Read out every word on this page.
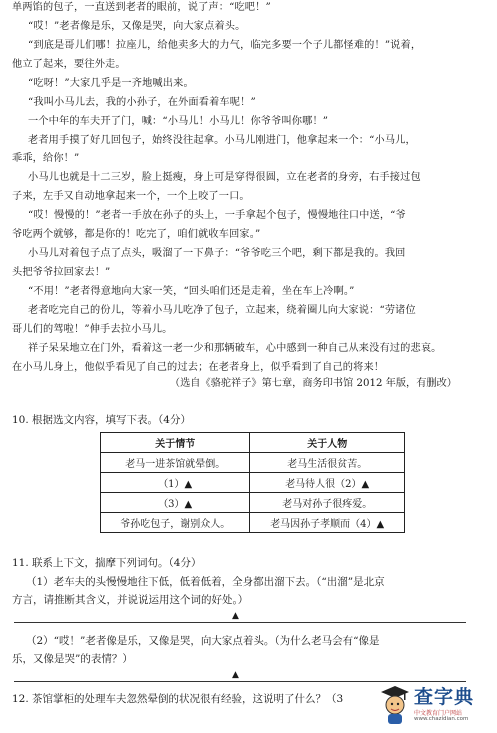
单两馅的包子，一直送到老者的眼前，说了声：“吃吧！”
“哎！”老者像是乐，又像是哭，向大家点着头。
“到底是哥儿们哪！拉座儿，给他卖多大的力气，临完多要一个子儿都怪难的！”说着，
他立了起来，要往外走。
“吃呀！”大家几乎是一齐地喊出来。
“我叫小马儿去，我的小孙子，在外面看着车呢！”
一个中年的车夫开了门，喊：“小马儿！小马儿！你爷爷叫你哪！”
老者用手摸了好几回包子，始终没往起拿。小马儿刚进门，他拿起来一个：“小马儿，
乖乖，给你！”
小马儿也就是十二三岁，脸上挺瘦，身上可是穿得很圆，立在老者的身旁，右手接过包
子来，左手又自动地拿起来一个，一个上咬了一口。
“哎！慢慢的！”老者一手放在孙子的头上，一手拿起个包子，慢慢地往口中送，“爷
爷吃两个就够，都是你的！吃完了，咱们就收车回家。”
小马儿对着包子点了点头，吸溜了一下鼻子：“爷爷吃三个吧，剩下都是我的。我回
头把爷爷拉回家去！”
“不用！”老者得意地向大家一笑，“回头咱们还是走着，坐在车上冷啊。”
老者吃完自己的份儿，等着小马儿吃净了包子，立起来，绕着圈儿向大家说：“劳诸位
哥儿们的驾啦！”伸手去拉小马儿。
祥子呆呆地立在门外，看着这一老一少和那辆破车，心中感到一种自己从来没有过的悲哀。
在小马儿身上，他似乎看见了自己的过去；在老者身上，似乎看到了自己的将来！
（选自《骆驼祥子》第七章，商务印书馆 2012 年版，有删改）
10. 根据选文内容，填写下表。（4分）
关于情节	关于人物
老马一进茶馆就晕倒。	老马生活很贫苦。
（1）▲	老马待人很（2）▲
（3）▲	老马对孙子很疼爱。
爷孙吃包子，谢别众人。	老马因孙子孝顺而（4）▲
11. 联系上下文，揣摩下列词句。（4分）
（1）老车夫的头慢慢地往下低，低着低着，全身都出溜下去。（“出溜”是北京
方言，请推断其含义，并说说运用这个词的好处。）
▲
（2）“哎！”老者像是乐，又像是哭，向大家点着头。（为什么老马会有“像是
乐，又像是哭”的表情？）
▲
12. 茶馆掌柜的处理车夫忽然晕倒的状况很有经验，这说明了什么？（3	查字典
中文教育门户网站
www.chazidian.com
